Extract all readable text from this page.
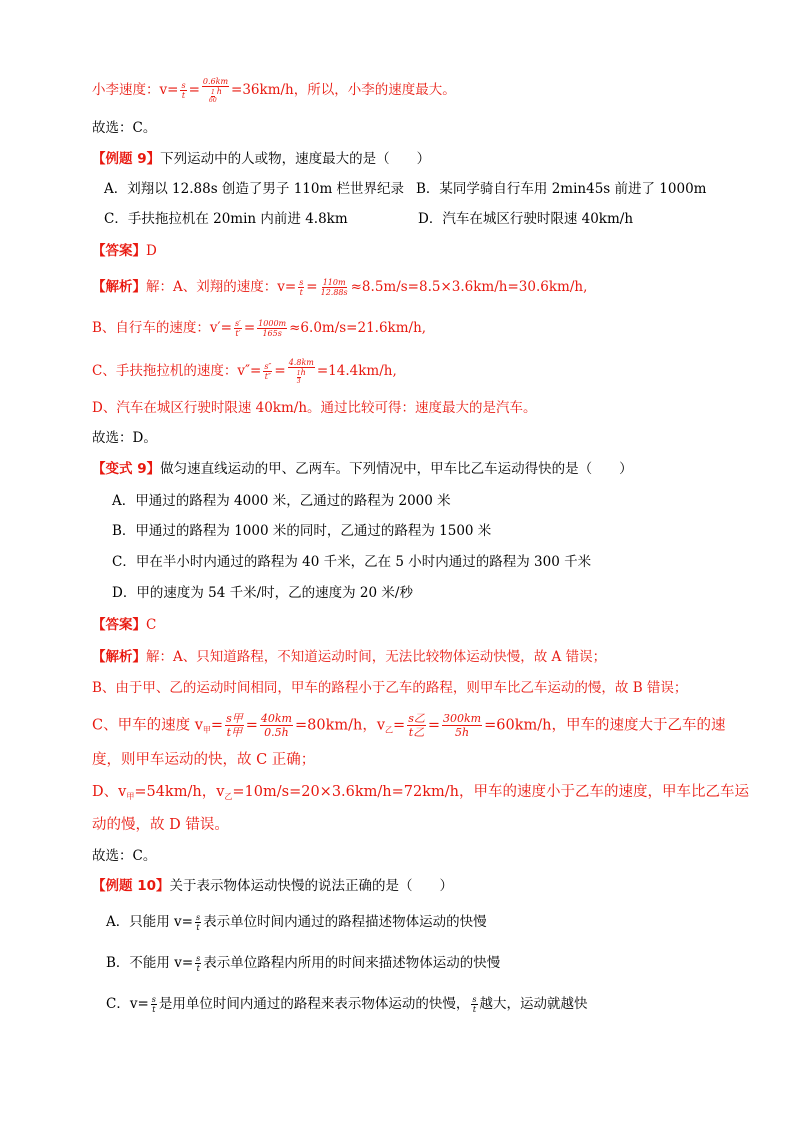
小李速度：$v= \frac{s}{t} = \frac{0.6km}{\frac{1}{60} h} =36km/h$，所以，小李的速度最大。
故选：C。
【例题 9】下列运动中的人或物，速度最大的是（　　）
A．刘翔以 12.88s 创造了男子 110m 栏世界纪录 B．某同学骑自行车用 2min45s 前进了 1000m
C．手扶拖拉机在 20min 内前进 4.8km	D．汽车在城区行驶时限速 40km/h
【答案】D
【解析】解：A、刘翔的速度：$v= \frac{s}{t} = \frac{110m}{12.88s} \approx 8.5m/s=8.5\times 3.6km/h=30.6km/h$,
B、自行车的速度：$v'= \frac{s'}{t'} = \frac{1000m}{165s} \approx 6.0m/s=21.6km/h$,
C、手扶拖拉机的速度：$v''= \frac{s''}{t''} = \frac{4.8km}{\frac{1}{3} h} =14.4km/h$,
D、汽车在城区行驶时限速 40km/h。通过比较可得：速度最大的是汽车。
故选：D。
【变式 9】做匀速直线运动的甲、乙两车。下列情况中，甲车比乙车运动得快的是（　　）
A．甲通过的路程为 4000 米，乙通过的路程为 2000 米
B．甲通过的路程为 1000 米的同时，乙通过的路程为 1500 米
C．甲在半小时内通过的路程为 40 千米，乙在 5 小时内通过的路程为 300 千米
D．甲的速度为 54 千米/时，乙的速度为 20 米/秒
【答案】C
【解析】解：A、只知道路程，不知道运动时间，无法比较物体运动快慢，故 A 错误；
B、由于甲、乙的运动时间相同，甲车的路程小于乙车的路程，则甲车比乙车运动的慢，故 B 错误；
C、甲车的速度 $v_甲= \frac{\text{s甲}}{\text{t甲}} = \frac{40km}{0.5h} =80km/h$，$v_乙= \frac{\text{s乙}}{\text{t乙}} = \frac{300km}{5h} =60km/h$，甲车的速度大于乙车的速
度，则甲车运动的快，故 C 正确；
D、$v_甲=54km/h$，$v_乙=10m/s=20\times 3.6km/h=72km/h$，甲车的速度小于乙车的速度，甲车比乙车运
动的慢，故 D 错误。
故选：C。
【例题 10】关于表示物体运动快慢的说法正确的是（　　）
A．只能用 $v= \frac{s}{t}$ 表示单位时间内通过的路程描述物体运动的快慢
B．不能用 $v= \frac{s}{t}$ 表示单位路程内所用的时间来描述物体运动的快慢
C．$v= \frac{s}{t}$ 是用单位时间内通过的路程来表示物体运动的快慢， $\frac{s}{t}$ 越大，运动就越快
